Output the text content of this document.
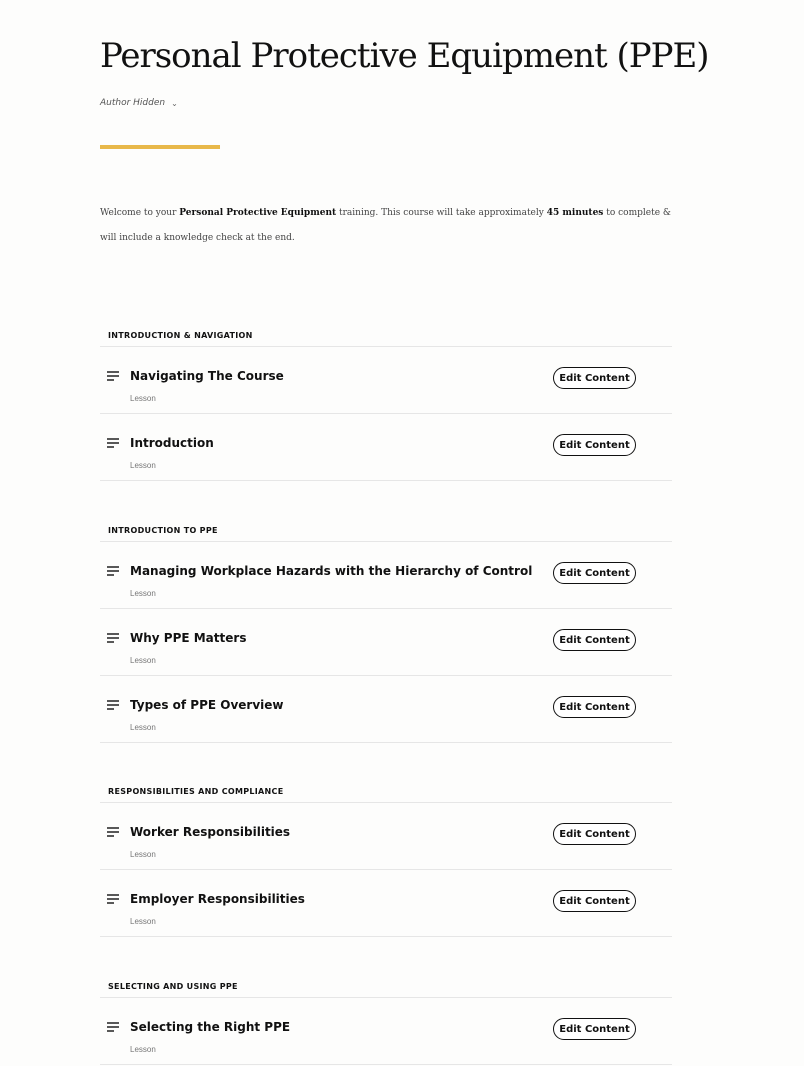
Personal Protective Equipment (PPE)
Author Hidden ⌄
Welcome to your Personal Protective Equipment training. This course will take approximately 45 minutes to complete & will include a knowledge check at the end.
INTRODUCTION & NAVIGATION
Navigating The Course
Lesson
Edit Content
Introduction
Lesson
Edit Content
INTRODUCTION TO PPE
Managing Workplace Hazards with the Hierarchy of Control
Lesson
Edit Content
Why PPE Matters
Lesson
Edit Content
Types of PPE Overview
Lesson
Edit Content
RESPONSIBILITIES AND COMPLIANCE
Worker Responsibilities
Lesson
Edit Content
Employer Responsibilities
Lesson
Edit Content
SELECTING AND USING PPE
Selecting the Right PPE
Lesson
Edit Content
